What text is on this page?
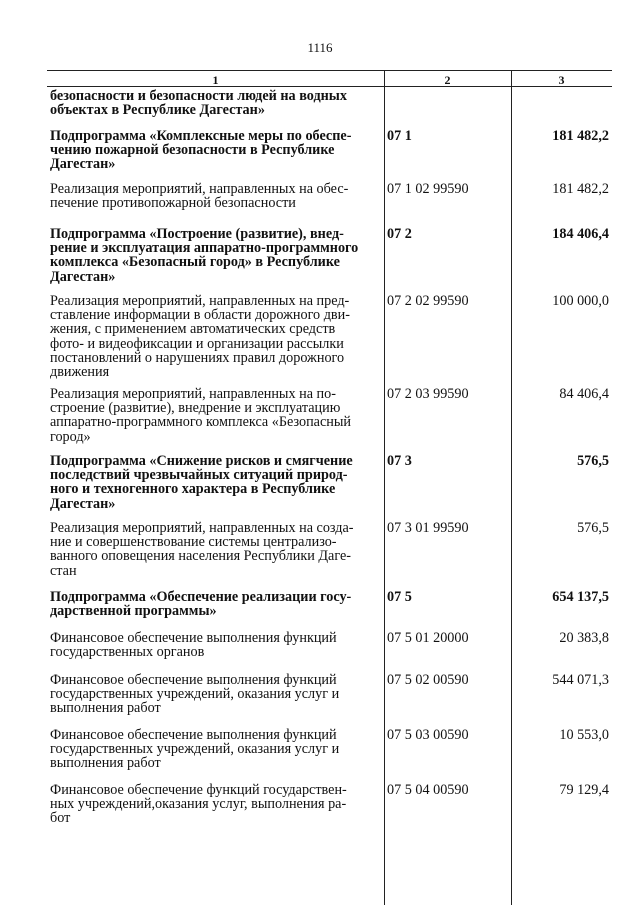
1116
1	2	3
безопасности и безопасности людей на водных
объектах в Республике Дагестан»
Подпрограмма «Комплексные меры по обеспе-
чению пожарной безопасности в Республике
Дагестан»
07 1	181 482,2
Реализация мероприятий, направленных на обес-
печение противопожарной безопасности
07 1 02 99590	181 482,2
Подпрограмма «Построение (развитие), внед-
рение и эксплуатация аппаратно-программного
комплекса «Безопасный город» в Республике
Дагестан»
07 2	184 406,4
Реализация мероприятий, направленных на пред-
ставление информации в области дорожного дви-
жения, с применением автоматических средств
фото- и видеофиксации и организации рассылки
постановлений о нарушениях правил дорожного
движения
07 2 02 99590	100 000,0
Реализация мероприятий, направленных на по-
строение (развитие), внедрение и эксплуатацию
аппаратно-программного комплекса «Безопасный
город»
07 2 03 99590	84 406,4
Подпрограмма «Снижение рисков и смягчение
последствий чрезвычайных ситуаций природ-
ного и техногенного характера в Республике
Дагестан»
07 3	576,5
Реализация мероприятий, направленных на созда-
ние и совершенствование системы централизо-
ванного оповещения населения Республики Даге-
стан
07 3 01 99590	576,5
Подпрограмма «Обеспечение реализации госу-
дарственной программы»
07 5	654 137,5
Финансовое обеспечение выполнения функций
государственных органов
07 5 01 20000	20 383,8
Финансовое обеспечение выполнения функций
государственных учреждений, оказания услуг и
выполнения работ
07 5 02 00590	544 071,3
Финансовое обеспечение выполнения функций
государственных учреждений, оказания услуг и
выполнения работ
07 5 03 00590	10 553,0
Финансовое обеспечение функций государствен-
ных учреждений,оказания услуг, выполнения ра-
бот
07 5 04 00590	79 129,4
